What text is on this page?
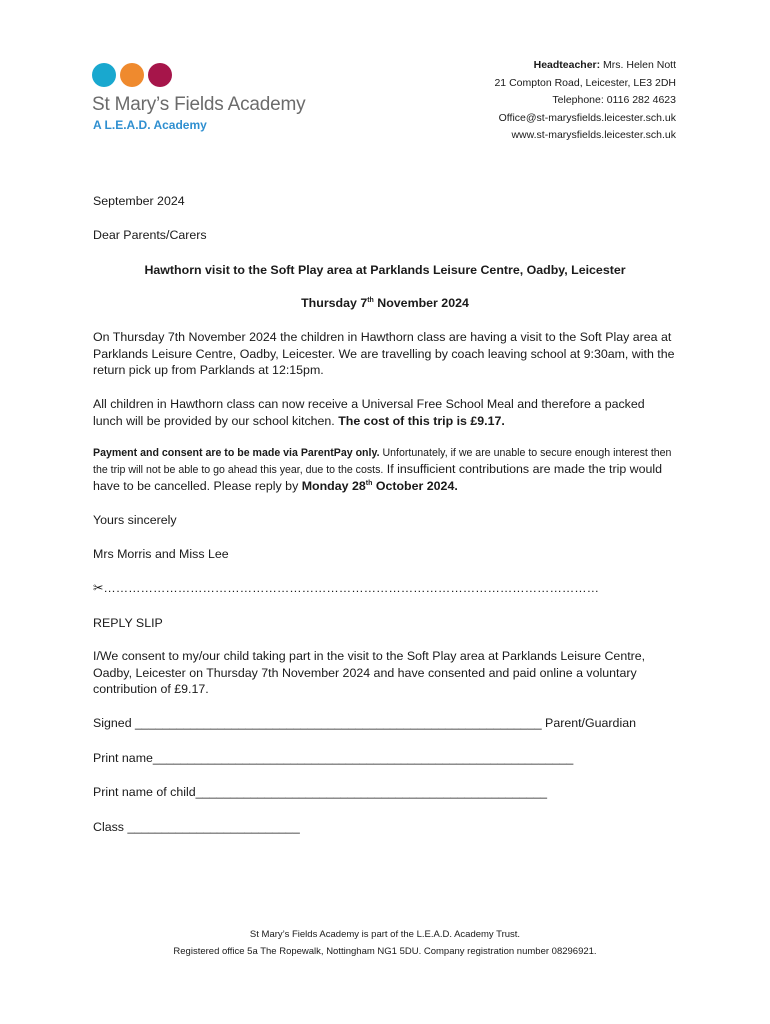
St Mary’s Fields Academy
A L.E.A.D. Academy
Headteacher: Mrs. Helen Nott
21 Compton Road, Leicester, LE3 2DH
Telephone: 0116 282 4623
Office@st-marysfields.leicester.sch.uk
www.st-marysfields.leicester.sch.uk
September 2024
Dear Parents/Carers
Hawthorn visit to the Soft Play area at Parklands Leisure Centre, Oadby, Leicester
Thursday 7th November 2024
On Thursday 7th November 2024 the children in Hawthorn class are having a visit to the Soft Play area at Parklands Leisure Centre, Oadby, Leicester. We are travelling by coach leaving school at 9:30am, with the return pick up from Parklands at 12:15pm.
All children in Hawthorn class can now receive a Universal Free School Meal and therefore a packed lunch will be provided by our school kitchen. The cost of this trip is £9.17.
Payment and consent are to be made via ParentPay only. Unfortunately, if we are unable to secure enough interest then the trip will not be able to go ahead this year, due to the costs. If insufficient contributions are made the trip would have to be cancelled. Please reply by Monday 28th October 2024.
Yours sincerely
Mrs Morris and Miss Lee
✂…………………………………………………………………………………………………………
REPLY SLIP
I/We consent to my/our child taking part in the visit to the Soft Play area at Parklands Leisure Centre, Oadby, Leicester on Thursday 7th November 2024 and have consented and paid online a voluntary contribution of £9.17.
Signed ___________________________________________________________ Parent/Guardian
Print name_____________________________________________________________
Print name of child___________________________________________________
Class _________________________
St Mary’s Fields Academy is part of the L.E.A.D. Academy Trust.
Registered office 5a The Ropewalk, Nottingham NG1 5DU. Company registration number 08296921.
